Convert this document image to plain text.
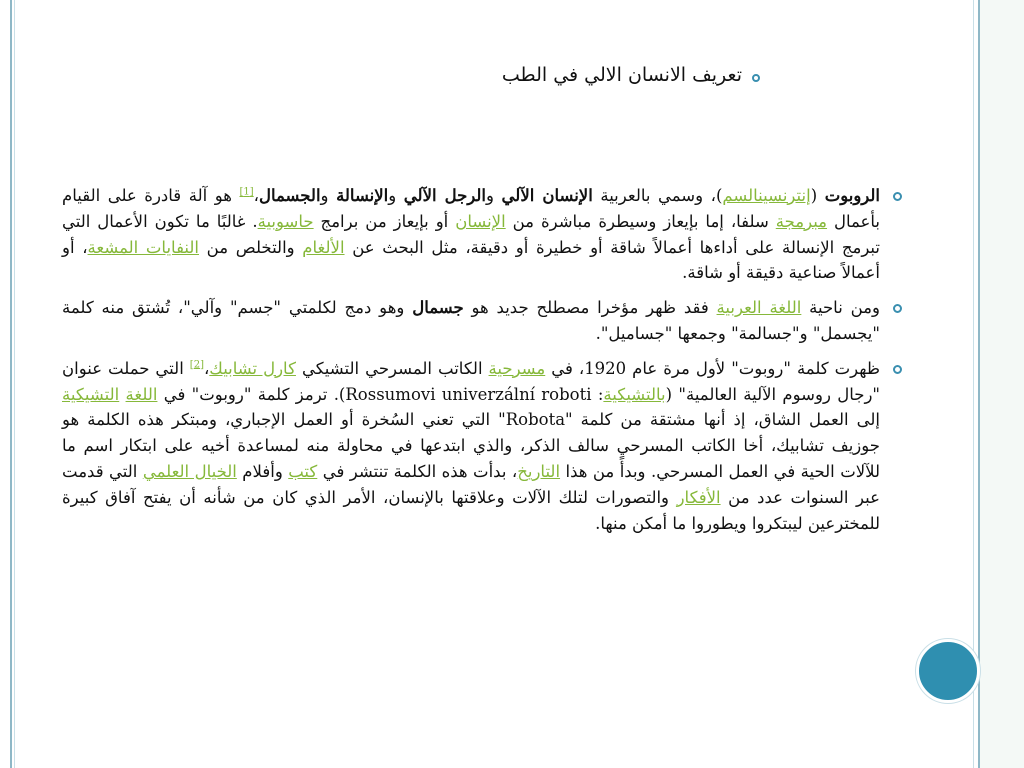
تعريف الانسان الالي في الطب

الروبوت (إنترنسينالسم)، وسمي بالعربية الإنسان الآلي والرجل الآلي والإنسالة والجسمال،[1] هو آلة قادرة على القيام بأعمال مبرمجة سلفا، إما بإيعاز وسيطرة مباشرة من الإنسان أو بإيعاز من برامج حاسوبية. غالبًا ما تكون الأعمال التي تبرمج الإنسالة على أداءها أعمالاً شاقة أو خطيرة أو دقيقة، مثل البحث عن الألغام والتخلص من النفايات المشعة، أو أعمالاً صناعية دقيقة أو شاقة.

ومن ناحية اللغة العربية فقد ظهر مؤخرا مصطلح جديد هو جسمال وهو دمج لكلمتي "جسم" وآلي"، تُشتق منه كلمة "يجسمل" و"جسالمة" وجمعها "جساميل".

ظهرت كلمة "روبوت" لأول مرة عام 1920، في مسرحية الكاتب المسرحي التشيكي كارل تشابيك،[2] التي حملت عنوان "رجال روسوم الآلية العالمية" (بالتشيكية: Rossumovi univerzální roboti). ترمز كلمة "روبوت" في اللغة التشيكية إلى العمل الشاق، إذ أنها مشتقة من كلمة "Robota" التي تعني السُخرة أو العمل الإجباري، ومبتكر هذه الكلمة هو جوزيف تشابيك، أخا الكاتب المسرحي سالف الذكر، والذي ابتدعها في محاولة منه لمساعدة أخيه على ابتكار اسم ما للآلات الحية في العمل المسرحي. وبدأً من هذا التاريخ، بدأت هذه الكلمة تنتشر في كتب وأفلام الخيال العلمي التي قدمت عبر السنوات عدد من الأفكار والتصورات لتلك الآلات وعلاقتها بالإنسان، الأمر الذي كان من شأنه أن يفتح آفاق كبيرة للمخترعين ليبتكروا ويطوروا ما أمكن منها.
